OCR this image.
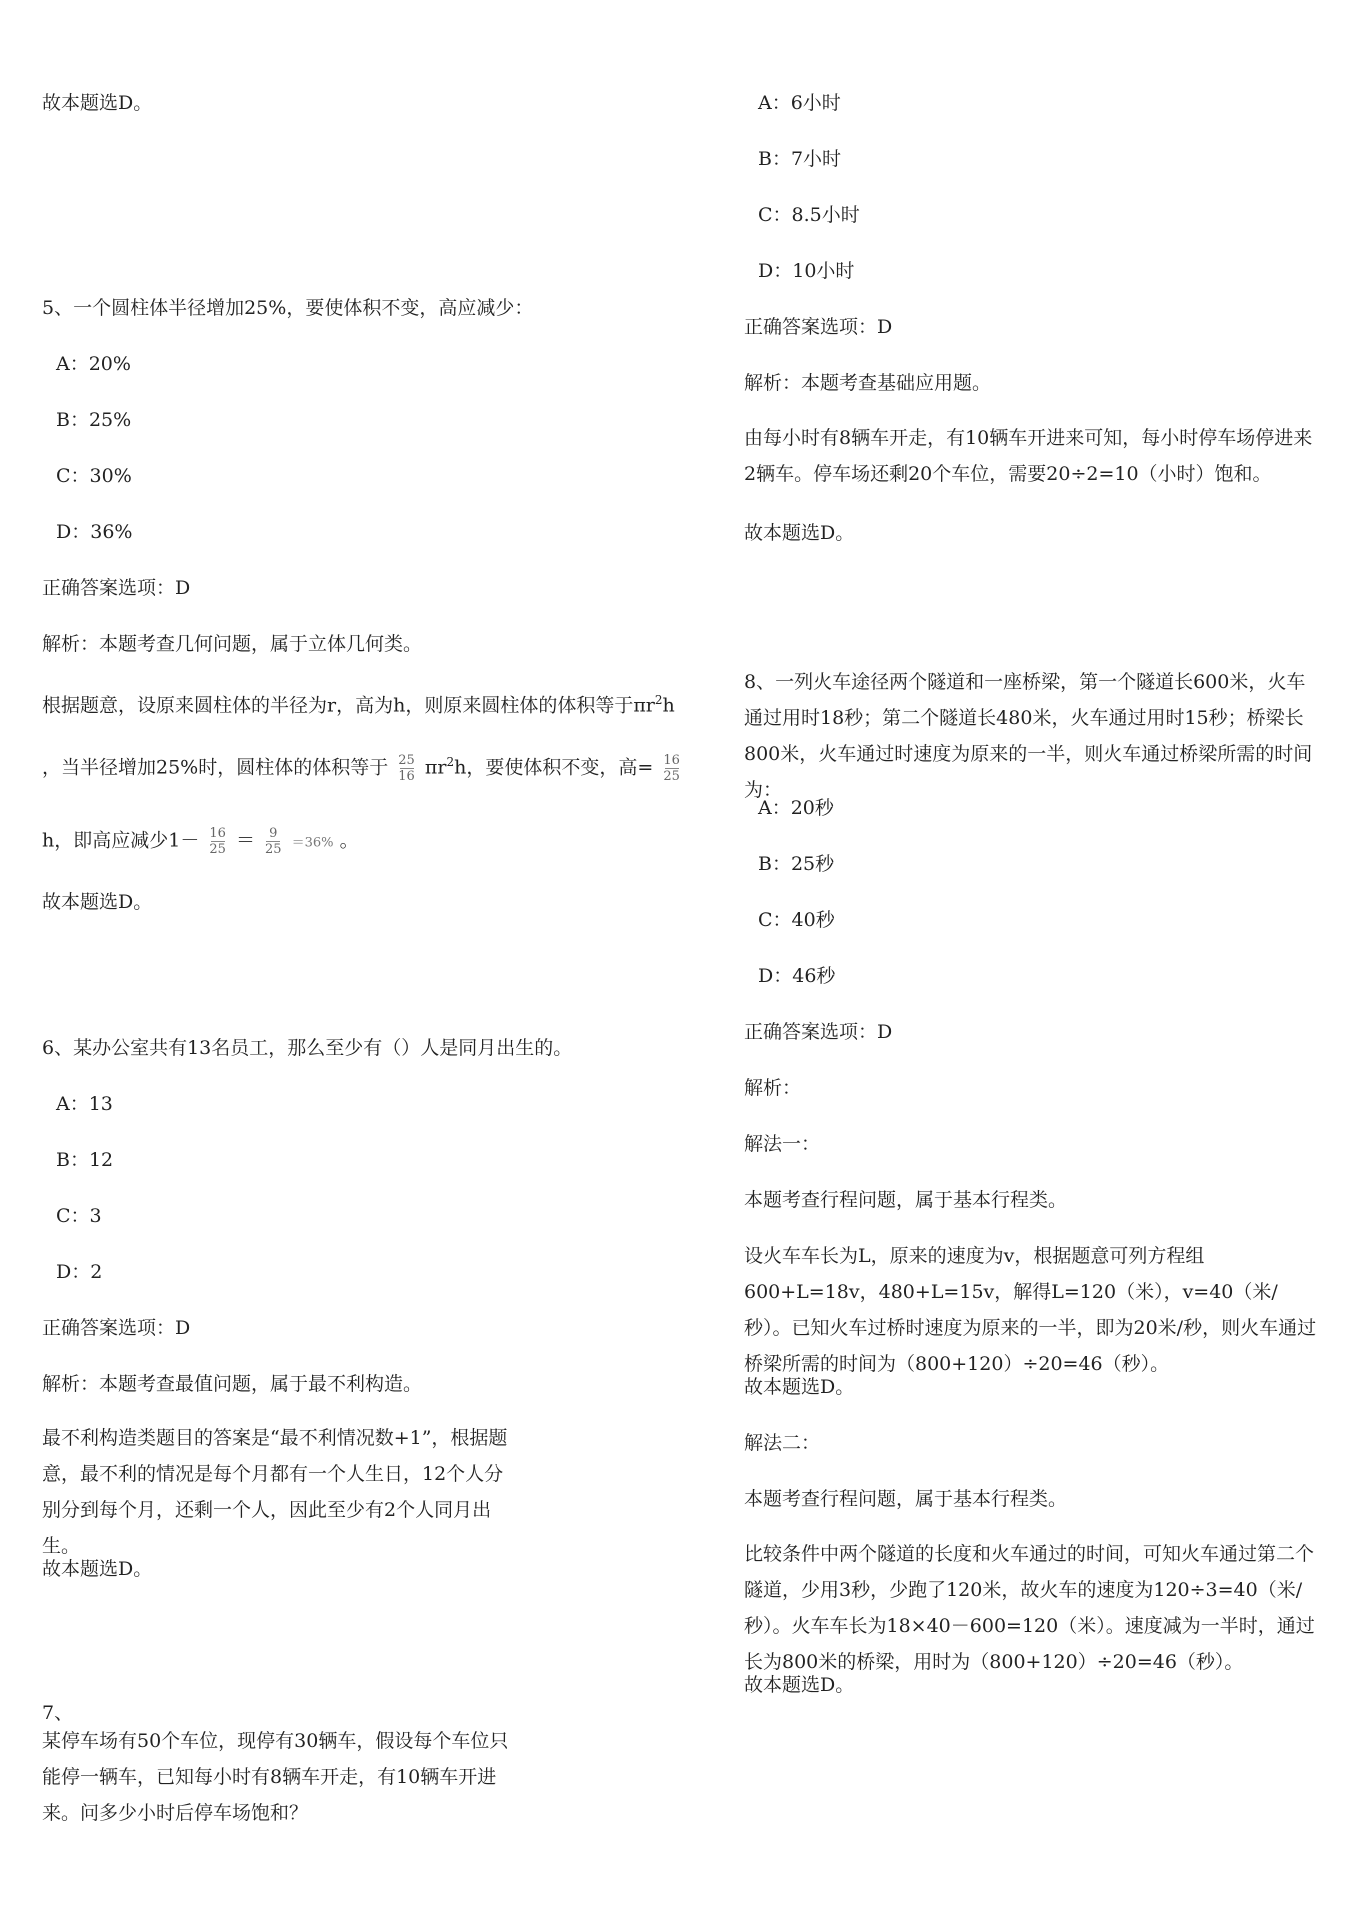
故本题选D。
5、一个圆柱体半径增加25%，要使体积不变，高应减少：
A：20%
B：25%
C：30%
D：36%
正确答案选项：D
解析：本题考查几何问题，属于立体几何类。
根据题意，设原来圆柱体的半径为r，高为h，则原来圆柱体的体积等于$\pi r^2h$
，当半径增加25%时，圆柱体的体积等于 $\frac{25}{16} \pi r^2h$，要使体积不变，高= $\frac{16}{25}$
h，即高应减少$1- \frac{16}{25} = \frac{9}{25} =36\%$ 。
故本题选D。
6、某办公室共有13名员工，那么至少有（）人是同月出生的。
A：13
B：12
C：3
D：2
正确答案选项：D
解析：本题考查最值问题，属于最不利构造。
最不利构造类题目的答案是“最不利情况数+1”，根据题意，最不利的情况是每个月都有一个人生日，12个人分别分到每个月，还剩一个人，因此至少有2个人同月出生。
故本题选D。
7、
某停车场有50个车位，现停有30辆车，假设每个车位只能停一辆车，已知每小时有8辆车开走，有10辆车开进来。问多少小时后停车场饱和？
A：6小时
B：7小时
C：8.5小时
D：10小时
正确答案选项：D
解析：本题考查基础应用题。
由每小时有8辆车开走，有10辆车开进来可知，每小时停车场停进来2辆车。停车场还剩20个车位，需要20÷2=10（小时）饱和。
故本题选D。
8、一列火车途径两个隧道和一座桥梁，第一个隧道长600米，火车通过用时18秒；第二个隧道长480米，火车通过用时15秒；桥梁长800米，火车通过时速度为原来的一半，则火车通过桥梁所需的时间为：
A：20秒
B：25秒
C：40秒
D：46秒
正确答案选项：D
解析：
解法一：
本题考查行程问题，属于基本行程类。
设火车车长为L，原来的速度为v，根据题意可列方程组600+L=18v，480+L=15v，解得L=120（米），v=40（米/秒）。已知火车过桥时速度为原来的一半，即为20米/秒，则火车通过桥梁所需的时间为（800+120）÷20=46（秒）。
故本题选D。
解法二：
本题考查行程问题，属于基本行程类。
比较条件中两个隧道的长度和火车通过的时间，可知火车通过第二个隧道，少用3秒，少跑了120米，故火车的速度为120÷3=40（米/秒）。火车车长为18×40－600=120（米）。速度减为一半时，通过长为800米的桥梁，用时为（800+120）÷20=46（秒）。
故本题选D。
